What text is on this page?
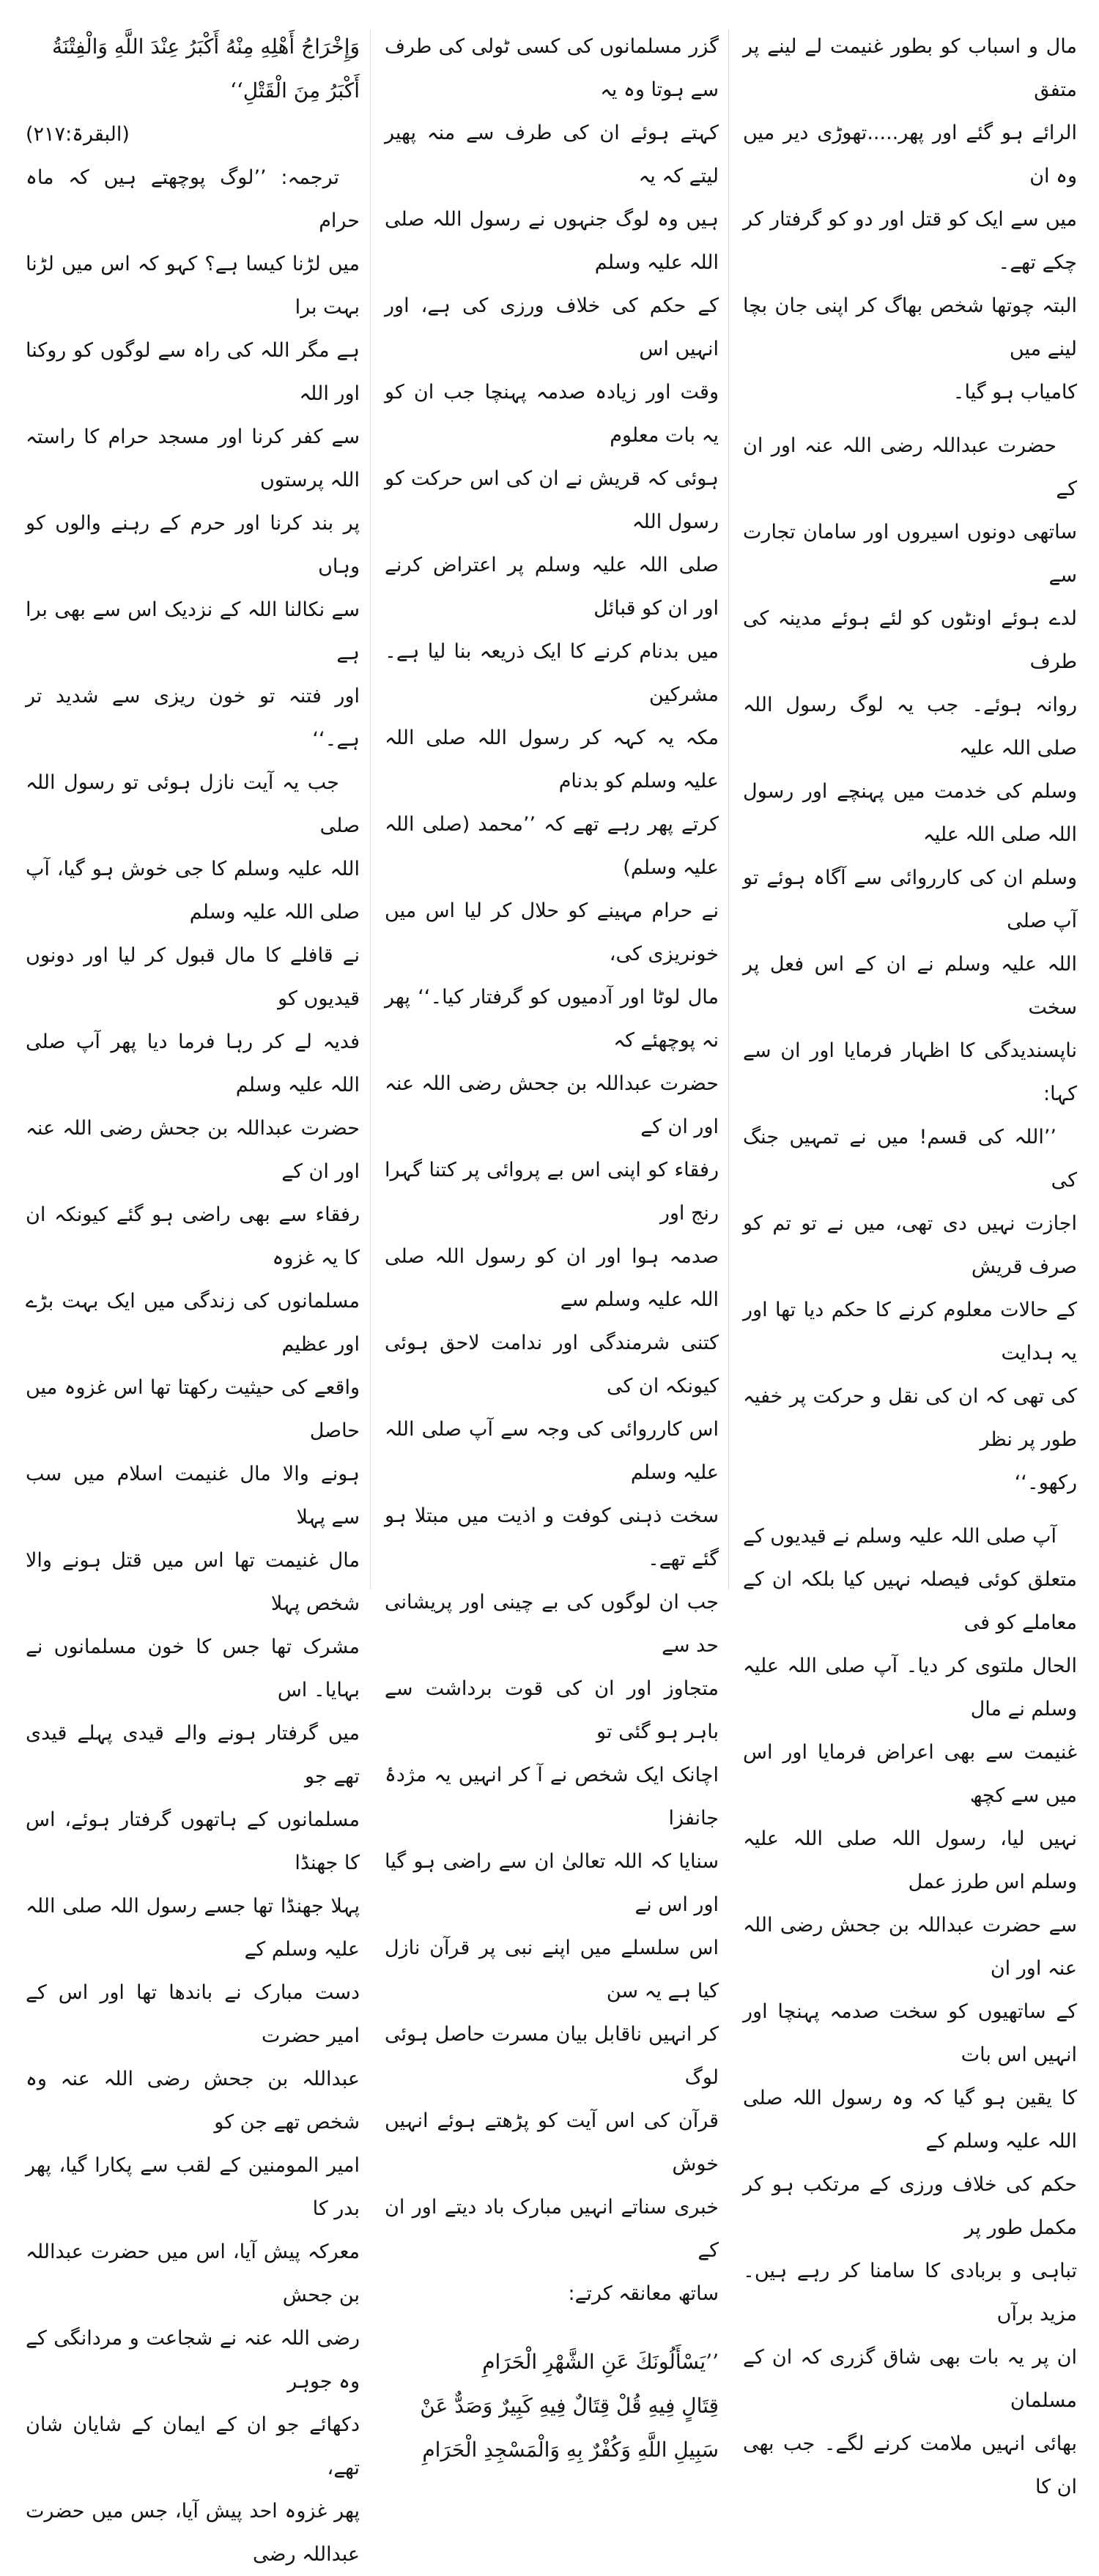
مال و اسباب کو بطور غنیمت لے لینے پر متفق
الرائے ہو گئے اور پھر.....تھوڑی دیر میں وہ ان
میں سے ایک کو قتل اور دو کو گرفتار کر چکے تھے۔
البتہ چوتھا شخص بھاگ کر اپنی جان بچا لینے میں
کامیاب ہو گیا۔

حضرت عبداللہ رضی اللہ عنہ اور ان کے
ساتھی دونوں اسیروں اور سامان تجارت سے
لدے ہوئے اونٹوں کو لئے ہوئے مدینہ کی طرف
روانہ ہوئے۔ جب یہ لوگ رسول اللہ صلی اللہ علیہ
وسلم کی خدمت میں پہنچے اور رسول اللہ صلی اللہ علیہ
وسلم ان کی کارروائی سے آگاہ ہوئے تو آپ صلی
اللہ علیہ وسلم نے ان کے اس فعل پر سخت
ناپسندیدگی کا اظہار فرمایا اور ان سے کہا:

’’اللہ کی قسم! میں نے تمہیں جنگ کی
اجازت نہیں دی تھی، میں نے تو تم کو صرف قریش
کے حالات معلوم کرنے کا حکم دیا تھا اور یہ ہدایت
کی تھی کہ ان کی نقل و حرکت پر خفیہ طور پر نظر
رکھو۔‘‘

آپ صلی اللہ علیہ وسلم نے قیدیوں کے
متعلق کوئی فیصلہ نہیں کیا بلکہ ان کے معاملے کو فی
الحال ملتوی کر دیا۔ آپ صلی اللہ علیہ وسلم نے مال
غنیمت سے بھی اعراض فرمایا اور اس میں سے کچھ
نہیں لیا، رسول اللہ صلی اللہ علیہ وسلم اس طرز عمل
سے حضرت عبداللہ بن جحش رضی اللہ عنہ اور ان
کے ساتھیوں کو سخت صدمہ پہنچا اور انہیں اس بات
کا یقین ہو گیا کہ وہ رسول اللہ صلی اللہ علیہ وسلم کے
حکم کی خلاف ورزی کے مرتکب ہو کر مکمل طور پر
تباہی و بربادی کا سامنا کر رہے ہیں۔ مزید برآں
ان پر یہ بات بھی شاق گزری کہ ان کے مسلمان
بھائی انہیں ملامت کرنے لگے۔ جب بھی ان کا

گزر مسلمانوں کی کسی ٹولی کی طرف سے ہوتا وہ یہ
کہتے ہوئے ان کی طرف سے منہ پھیر لیتے کہ یہ
ہیں وہ لوگ جنہوں نے رسول اللہ صلی اللہ علیہ وسلم
کے حکم کی خلاف ورزی کی ہے، اور انہیں اس
وقت اور زیادہ صدمہ پہنچا جب ان کو یہ بات معلوم
ہوئی کہ قریش نے ان کی اس حرکت کو رسول اللہ
صلی اللہ علیہ وسلم پر اعتراض کرنے اور ان کو قبائل
میں بدنام کرنے کا ایک ذریعہ بنا لیا ہے۔ مشرکین
مکہ یہ کہہ کر رسول اللہ صلی اللہ علیہ وسلم کو بدنام
کرتے پھر رہے تھے کہ ’’محمد (صلی اللہ علیہ وسلم)
نے حرام مہینے کو حلال کر لیا اس میں خونریزی کی،
مال لوٹا اور آدمیوں کو گرفتار کیا۔‘‘ پھر نہ پوچھئے کہ
حضرت عبداللہ بن جحش رضی اللہ عنہ اور ان کے
رفقاء کو اپنی اس بے پروائی پر کتنا گہرا رنج اور
صدمہ ہوا اور ان کو رسول اللہ صلی اللہ علیہ وسلم سے
کتنی شرمندگی اور ندامت لاحق ہوئی کیونکہ ان کی
اس کارروائی کی وجہ سے آپ صلی اللہ علیہ وسلم
سخت ذہنی کوفت و اذیت میں مبتلا ہو گئے تھے۔

جب ان لوگوں کی بے چینی اور پریشانی حد سے
متجاوز اور ان کی قوت برداشت سے باہر ہو گئی تو
اچانک ایک شخص نے آ کر انہیں یہ مژدۂ جانفزا
سنایا کہ اللہ تعالیٰ ان سے راضی ہو گیا اور اس نے
اس سلسلے میں اپنے نبی پر قرآن نازل کیا ہے یہ سن
کر انہیں ناقابل بیان مسرت حاصل ہوئی لوگ
قرآن کی اس آیت کو پڑھتے ہوئے انہیں خوش
خبری سناتے انہیں مبارک باد دیتے اور ان کے
ساتھ معانقہ کرتے:

’’يَسْأَلُونَكَ عَنِ الشَّهْرِ الْحَرَامِ
قِتَالٍ فِيهِ قُلْ قِتَالٌ فِيهِ كَبِيرٌ وَصَدٌّ عَنْ
سَبِيلِ اللَّهِ وَكُفْرٌ بِهِ وَالْمَسْجِدِ الْحَرَامِ

وَإِخْرَاجُ أَهْلِهِ مِنْهُ أَكْبَرُ عِنْدَ اللَّهِ وَالْفِتْنَةُ
أَكْبَرُ مِنَ الْقَتْلِ‘‘

(البقرۃ:۲۱۷)

ترجمہ: ’’لوگ پوچھتے ہیں کہ ماہ حرام
میں لڑنا کیسا ہے؟ کہو کہ اس میں لڑنا بہت برا
ہے مگر اللہ کی راہ سے لوگوں کو روکنا اور اللہ
سے کفر کرنا اور مسجد حرام کا راستہ اللہ پرستوں
پر بند کرنا اور حرم کے رہنے والوں کو وہاں
سے نکالنا اللہ کے نزدیک اس سے بھی برا ہے
اور فتنہ تو خون ریزی سے شدید تر ہے۔‘‘

جب یہ آیت نازل ہوئی تو رسول اللہ صلی
اللہ علیہ وسلم کا جی خوش ہو گیا، آپ صلی اللہ علیہ وسلم
نے قافلے کا مال قبول کر لیا اور دونوں قیدیوں کو
فدیہ لے کر رہا فرما دیا پھر آپ صلی اللہ علیہ وسلم
حضرت عبداللہ بن جحش رضی اللہ عنہ اور ان کے
رفقاء سے بھی راضی ہو گئے کیونکہ ان کا یہ غزوہ
مسلمانوں کی زندگی میں ایک بہت بڑے اور عظیم
واقعے کی حیثیت رکھتا تھا اس غزوہ میں حاصل
ہونے والا مال غنیمت اسلام میں سب سے پہلا
مال غنیمت تھا اس میں قتل ہونے والا شخص پہلا
مشرک تھا جس کا خون مسلمانوں نے بہایا۔ اس
میں گرفتار ہونے والے قیدی پہلے قیدی تھے جو
مسلمانوں کے ہاتھوں گرفتار ہوئے، اس کا جھنڈا
پہلا جھنڈا تھا جسے رسول اللہ صلی اللہ علیہ وسلم کے
دست مبارک نے باندھا تھا اور اس کے امیر حضرت
عبداللہ بن جحش رضی اللہ عنہ وہ شخص تھے جن کو
امیر المومنین کے لقب سے پکارا گیا، پھر بدر کا
معرکہ پیش آیا، اس میں حضرت عبداللہ بن جحش
رضی اللہ عنہ نے شجاعت و مردانگی کے وہ جوہر
دکھائے جو ان کے ایمان کے شایان شان تھے،
پھر غزوہ احد پیش آیا، جس میں حضرت عبداللہ رضی
